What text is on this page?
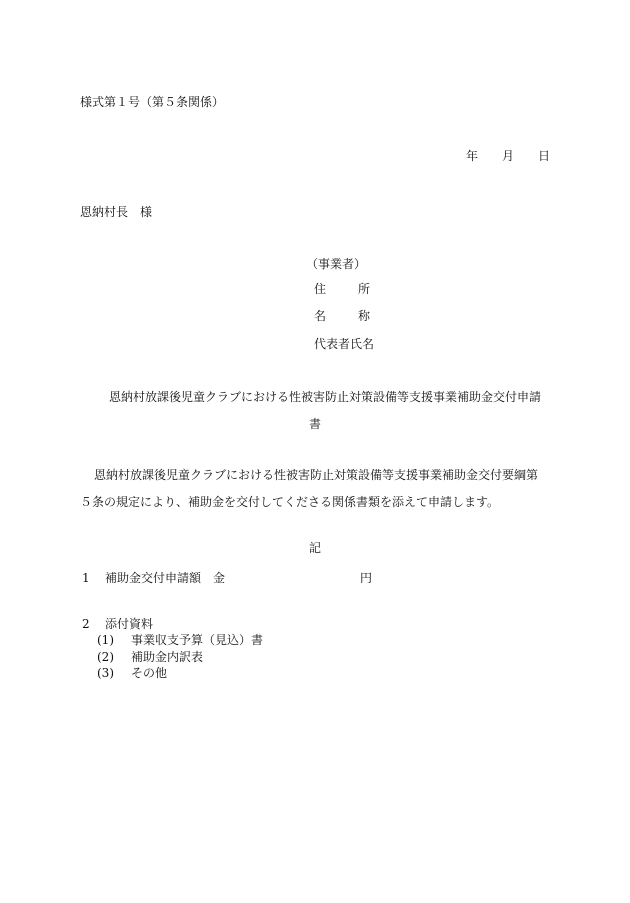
様式第１号（第５条関係）
年 月 日
恩納村長　様
（事業者）
住	所
名	称
代表者氏名
恩納村放課後児童クラブにおける性被害防止対策設備等支援事業補助金交付申請
書
恩納村放課後児童クラブにおける性被害防止対策設備等支援事業補助金交付要綱第
５条の規定により、補助金を交付してくださる関係書類を添えて申請します。
記
1 補助金交付申請額　金	円
2 添付資料
(1) 事業収支予算（見込）書
(2) 補助金内訳表
(3) その他
